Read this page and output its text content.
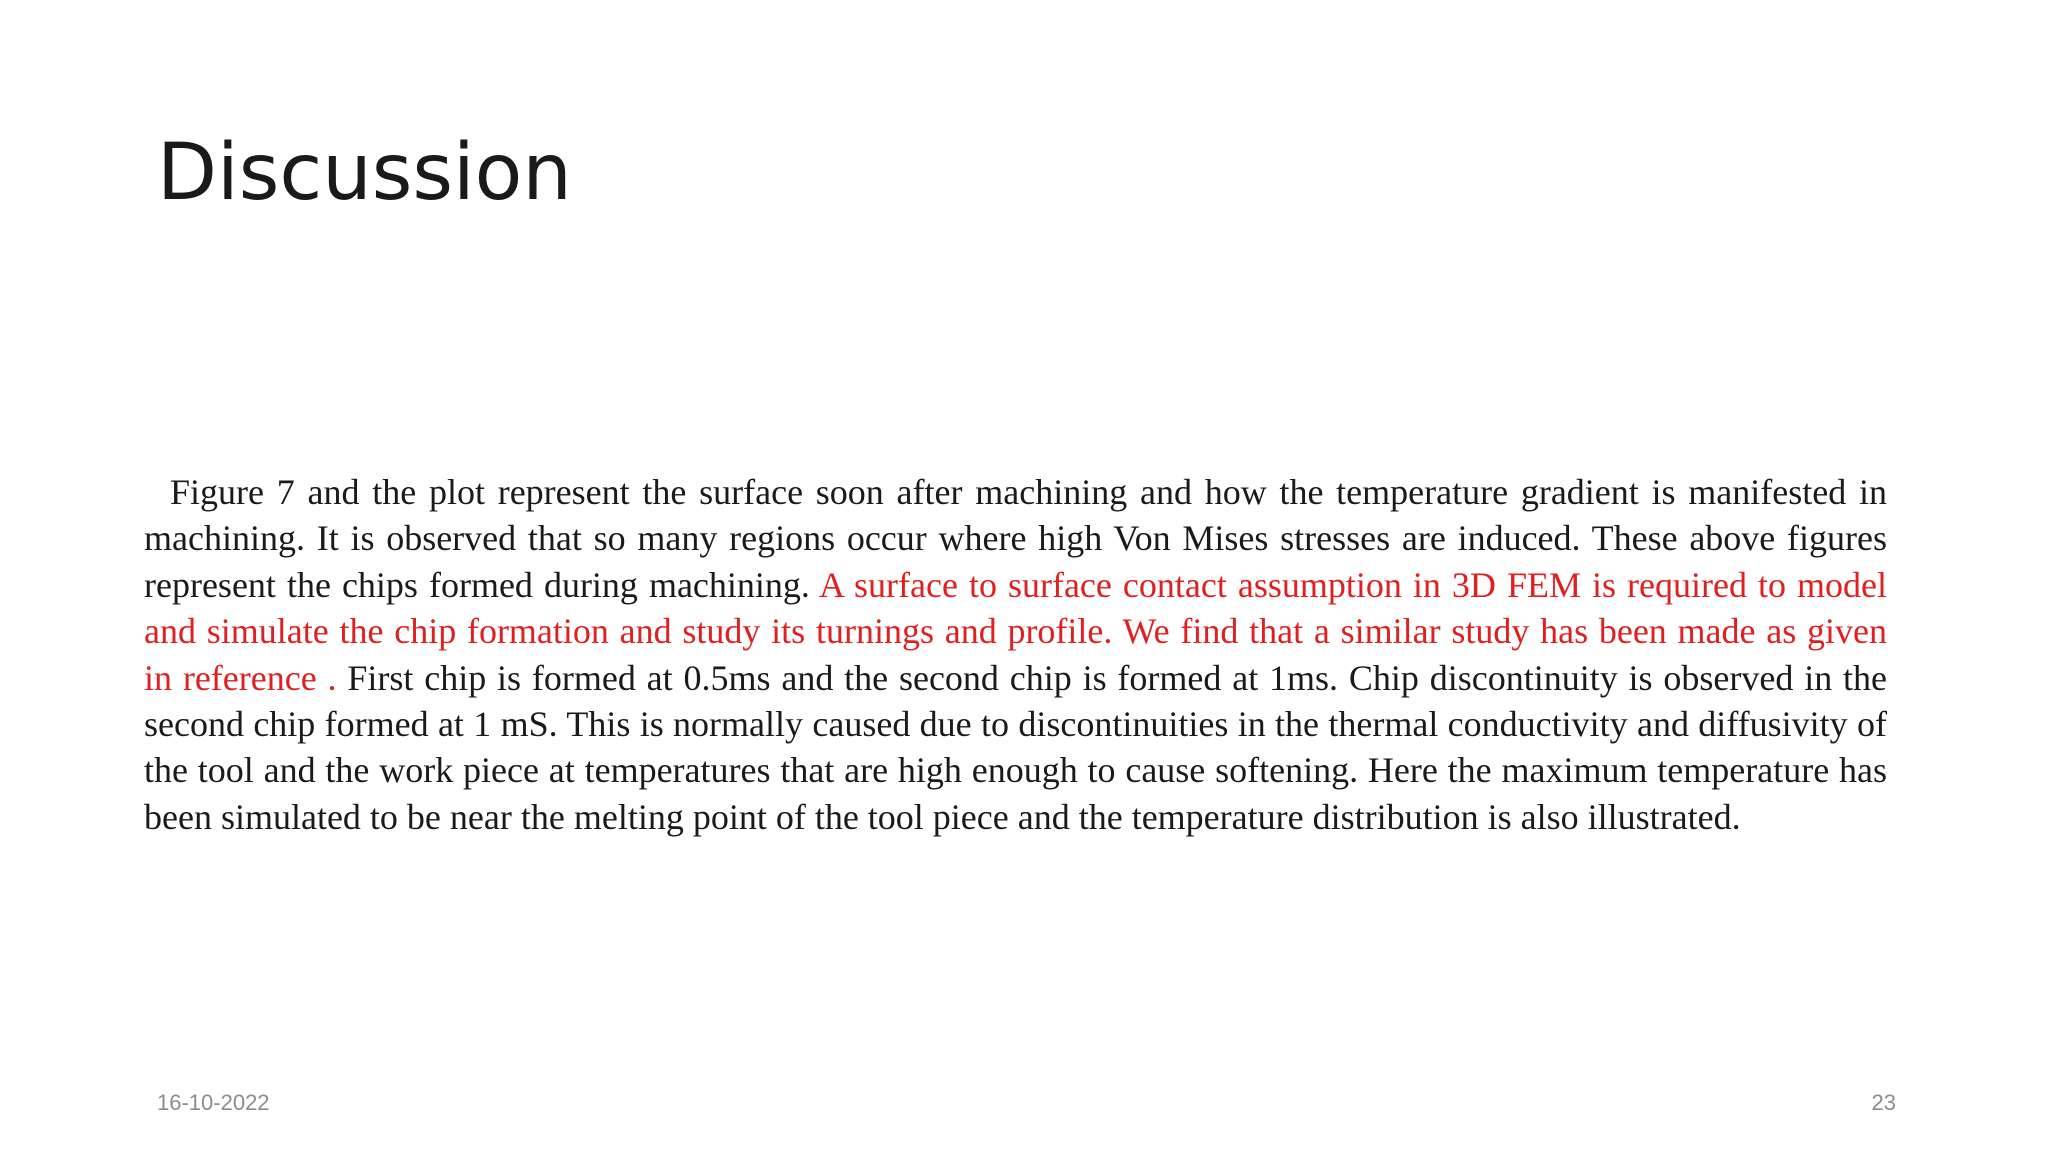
Discussion

Figure 7 and the plot represent the surface soon after machining and how the temperature gradient is manifested in machining. It is observed that so many regions occur where high Von Mises stresses are induced. These above figures represent the chips formed during machining. A surface to surface contact assumption in 3D FEM is required to model and simulate the chip formation and study its turnings and profile. We find that a similar study has been made as given in reference . First chip is formed at 0.5ms and the second chip is formed at 1ms. Chip discontinuity is observed in the second chip formed at 1 mS. This is normally caused due to discontinuities in the thermal conductivity and diffusivity of the tool and the work piece at temperatures that are high enough to cause softening. Here the maximum temperature has been simulated to be near the melting point of the tool piece and the temperature distribution is also illustrated.

16-10-2022	23
